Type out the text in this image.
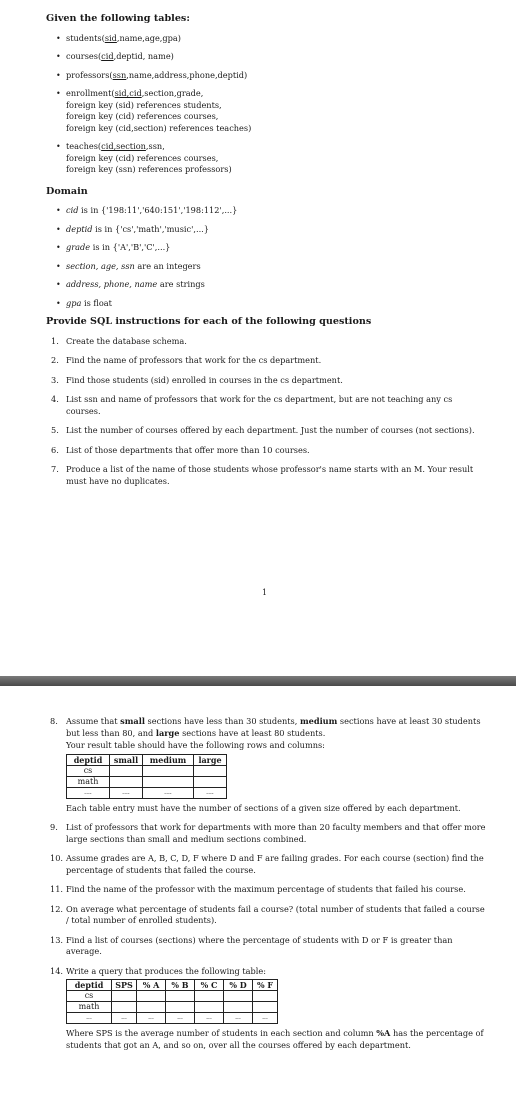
Given the following tables:
• students(sid,name,age,gpa)
• courses(cid,deptid, name)
• professors(ssn,name,address,phone,deptid)
• enrollment(sid,cid,section,grade,
foreign key (sid) references students,
foreign key (cid) references courses,
foreign key (cid,section) references teaches)
• teaches(cid,section,ssn,
foreign key (cid) references courses,
foreign key (ssn) references professors)
Domain
• cid is in {'198:11','640:151','198:112',...}
• deptid is in {'cs','math','music',...}
• grade is in {'A','B','C',...}
• section, age, ssn are an integers
• address, phone, name are strings
• gpa is float
Provide SQL instructions for each of the following questions
1. Create the database schema.
2. Find the name of professors that work for the cs department.
3. Find those students (sid) enrolled in courses in the cs department.
4. List ssn and name of professors that work for the cs department, but are not teaching any cs courses.
5. List the number of courses offered by each department. Just the number of courses (not sections).
6. List of those departments that offer more than 10 courses.
7. Produce a list of the name of those students whose professor's name starts with an M. Your result must have no duplicates.
1
8. Assume that small sections have less than 30 students, medium sections have at least 30 students but less than 80, and large sections have at least 80 students.
Your result table should have the following rows and columns:
deptid	small	medium	large
cs			
math			
....	....	....	....
Each table entry must have the number of sections of a given size offered by each department.
9. List of professors that work for departments with more than 20 faculty members and that offer more large sections than small and medium sections combined.
10. Assume grades are A, B, C, D, F where D and F are failing grades. For each course (section) find the percentage of students that failed the course.
11. Find the name of the professor with the maximum percentage of students that failed his course.
12. On average what percentage of students fail a course? (total number of students that failed a course / total number of enrolled students).
13. Find a list of courses (sections) where the percentage of students with D or F is greater than average.
14. Write a query that produces the following table:
deptid	SPS	% A	% B	% C	% D	% F
cs						
math						
...	...	...	...	...	...	...
Where SPS is the average number of students in each section and column %A has the percentage of students that got an A, and so on, over all the courses offered by each department.
